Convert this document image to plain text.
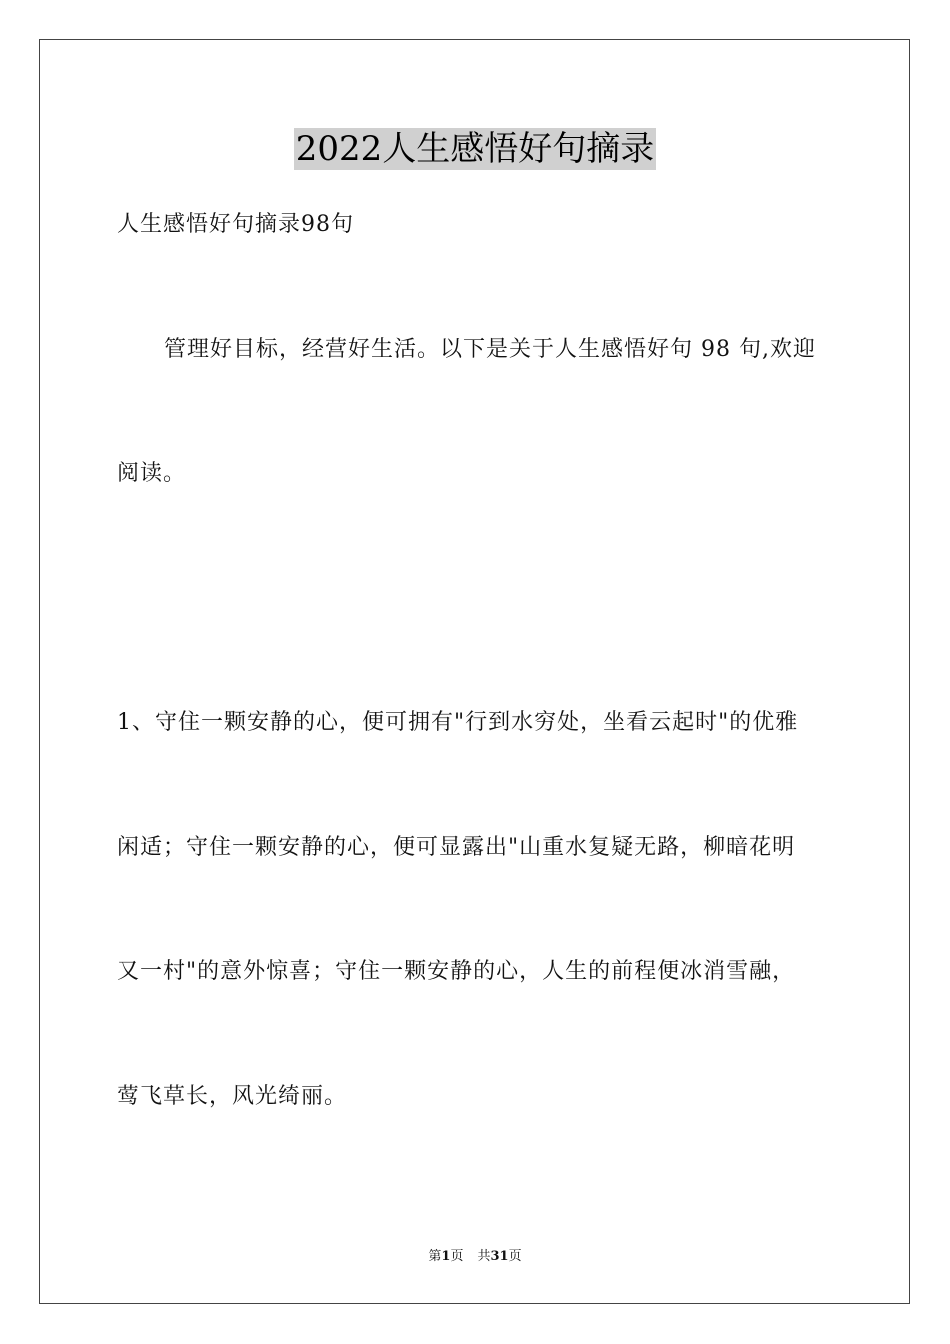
2022人生感悟好句摘录
人生感悟好句摘录98句
管理好目标，经营好生活。以下是关于人生感悟好句 98 句,欢迎
阅读。
1、守住一颗安静的心，便可拥有"行到水穷处，坐看云起时"的优雅
闲适；守住一颗安静的心，便可显露出"山重水复疑无路，柳暗花明
又一村"的意外惊喜；守住一颗安静的心，人生的前程便冰消雪融，
莺飞草长，风光绮丽。
第1页 共31页
